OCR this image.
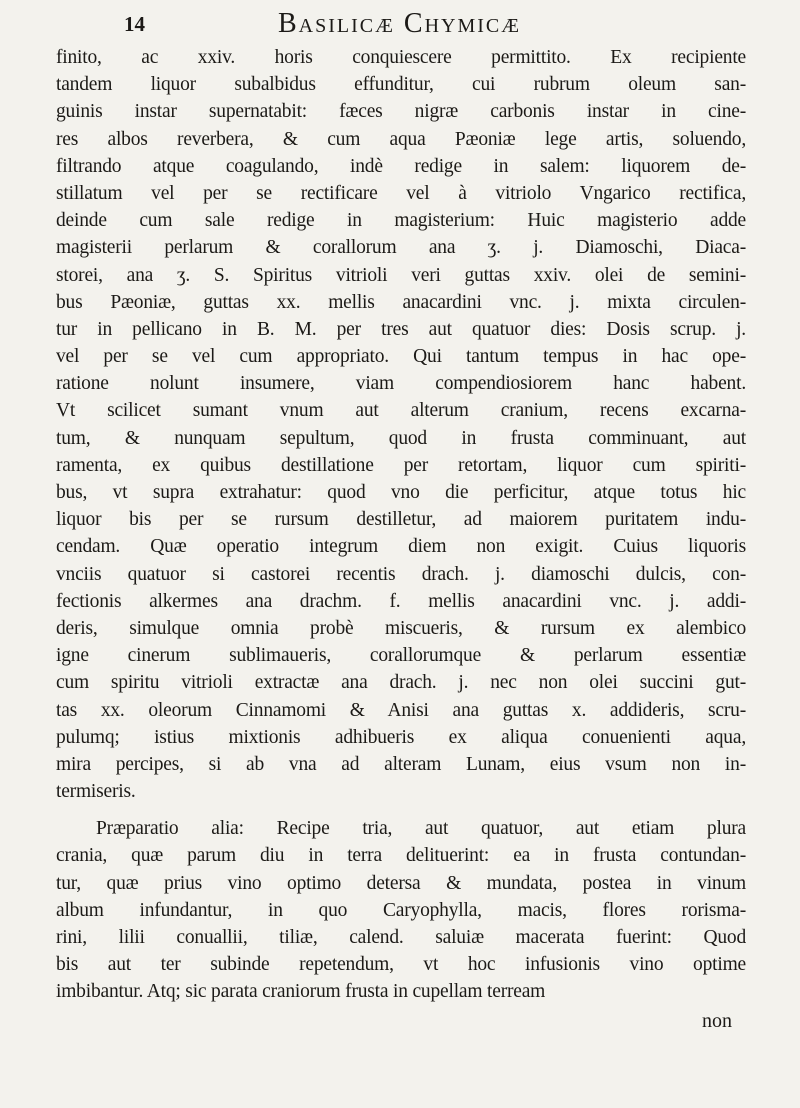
14	Basilicæ Chymicæ
finito, ac xxiv. horis conquiescere permittito. Ex recipiente
tandem liquor subalbidus effunditur, cui rubrum oleum san-
guinis instar supernatabit: fæces nigræ carbonis instar in cine-
res albos reverbera, & cum aqua Pæoniæ lege artis, soluendo,
filtrando atque coagulando, indè redige in salem: liquorem de-
stillatum vel per se rectificare vel à vitriolo Vngarico rectifica,
deinde cum sale redige in magisterium: Huic magisterio adde
magisterii perlarum & corallorum ana ʒ. j. Diamoschi, Diaca-
storei, ana ʒ. S. Spiritus vitrioli veri guttas xxiv. olei de semini-
bus Pæoniæ, guttas xx. mellis anacardini vnc. j. mixta circulen-
tur in pellicano in B. M. per tres aut quatuor dies: Dosis scrup. j.
vel per se vel cum appropriato. Qui tantum tempus in hac ope-
ratione nolunt insumere, viam compendiosiorem hanc habent.
Vt scilicet sumant vnum aut alterum cranium, recens excarna-
tum, & nunquam sepultum, quod in frusta comminuant, aut
ramenta, ex quibus destillatione per retortam, liquor cum spiriti-
bus, vt supra extrahatur: quod vno die perficitur, atque totus hic
liquor bis per se rursum destilletur, ad maiorem puritatem indu-
cendam. Quæ operatio integrum diem non exigit. Cuius liquoris
vnciis quatuor si castorei recentis drach. j. diamoschi dulcis, con-
fectionis alkermes ana drachm. f. mellis anacardini vnc. j. addi-
deris, simulque omnia probè miscueris, & rursum ex alembico
igne cinerum sublimaueris, corallorumque & perlarum essentiæ
cum spiritu vitrioli extractæ ana drach. j. nec non olei succini gut-
tas xx. oleorum Cinnamomi & Anisi ana guttas x. addideris, scru-
pulumq; istius mixtionis adhibueris ex aliqua conuenienti aqua,
mira percipes, si ab vna ad alteram Lunam, eius vsum non in-
termiseris.
Præparatio alia: Recipe tria, aut quatuor, aut etiam plura
crania, quæ parum diu in terra delituerint: ea in frusta contundan-
tur, quæ prius vino optimo detersa & mundata, postea in vinum
album infundantur, in quo Caryophylla, macis, flores rorisma-
rini, lilii conuallii, tiliæ, calend. saluiæ macerata fuerint: Quod
bis aut ter subinde repetendum, vt hoc infusionis vino optime
imbibantur. Atq; sic parata craniorum frusta in cupellam terream
non
